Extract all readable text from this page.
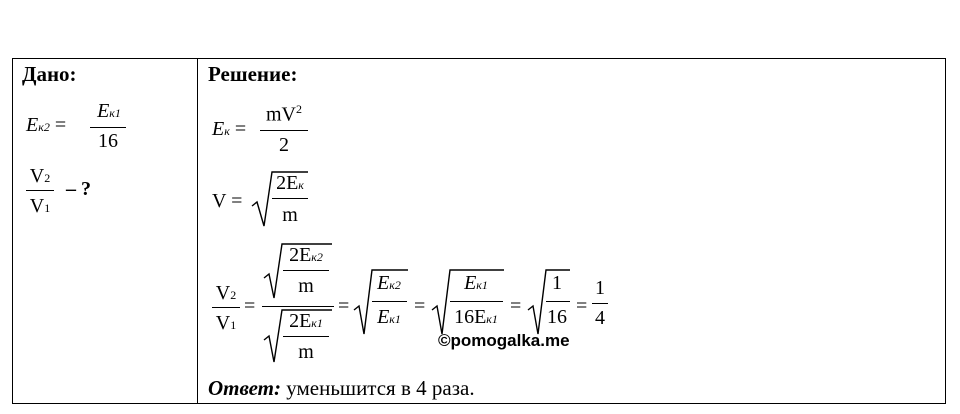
Дано:
Eк2 =
Eк1
16
V2
V1
– ?
Решение:
Eк =
$mV^2$
2
V =
2Eк
m
V2
V1
=
2Eк2
m
2Eк1
m
=
Eк2
Eк1
=
Eк1
16Eк1
=
1
16 =
1
4
©pomogalka.me
Ответ: уменьшится в 4 раза.
